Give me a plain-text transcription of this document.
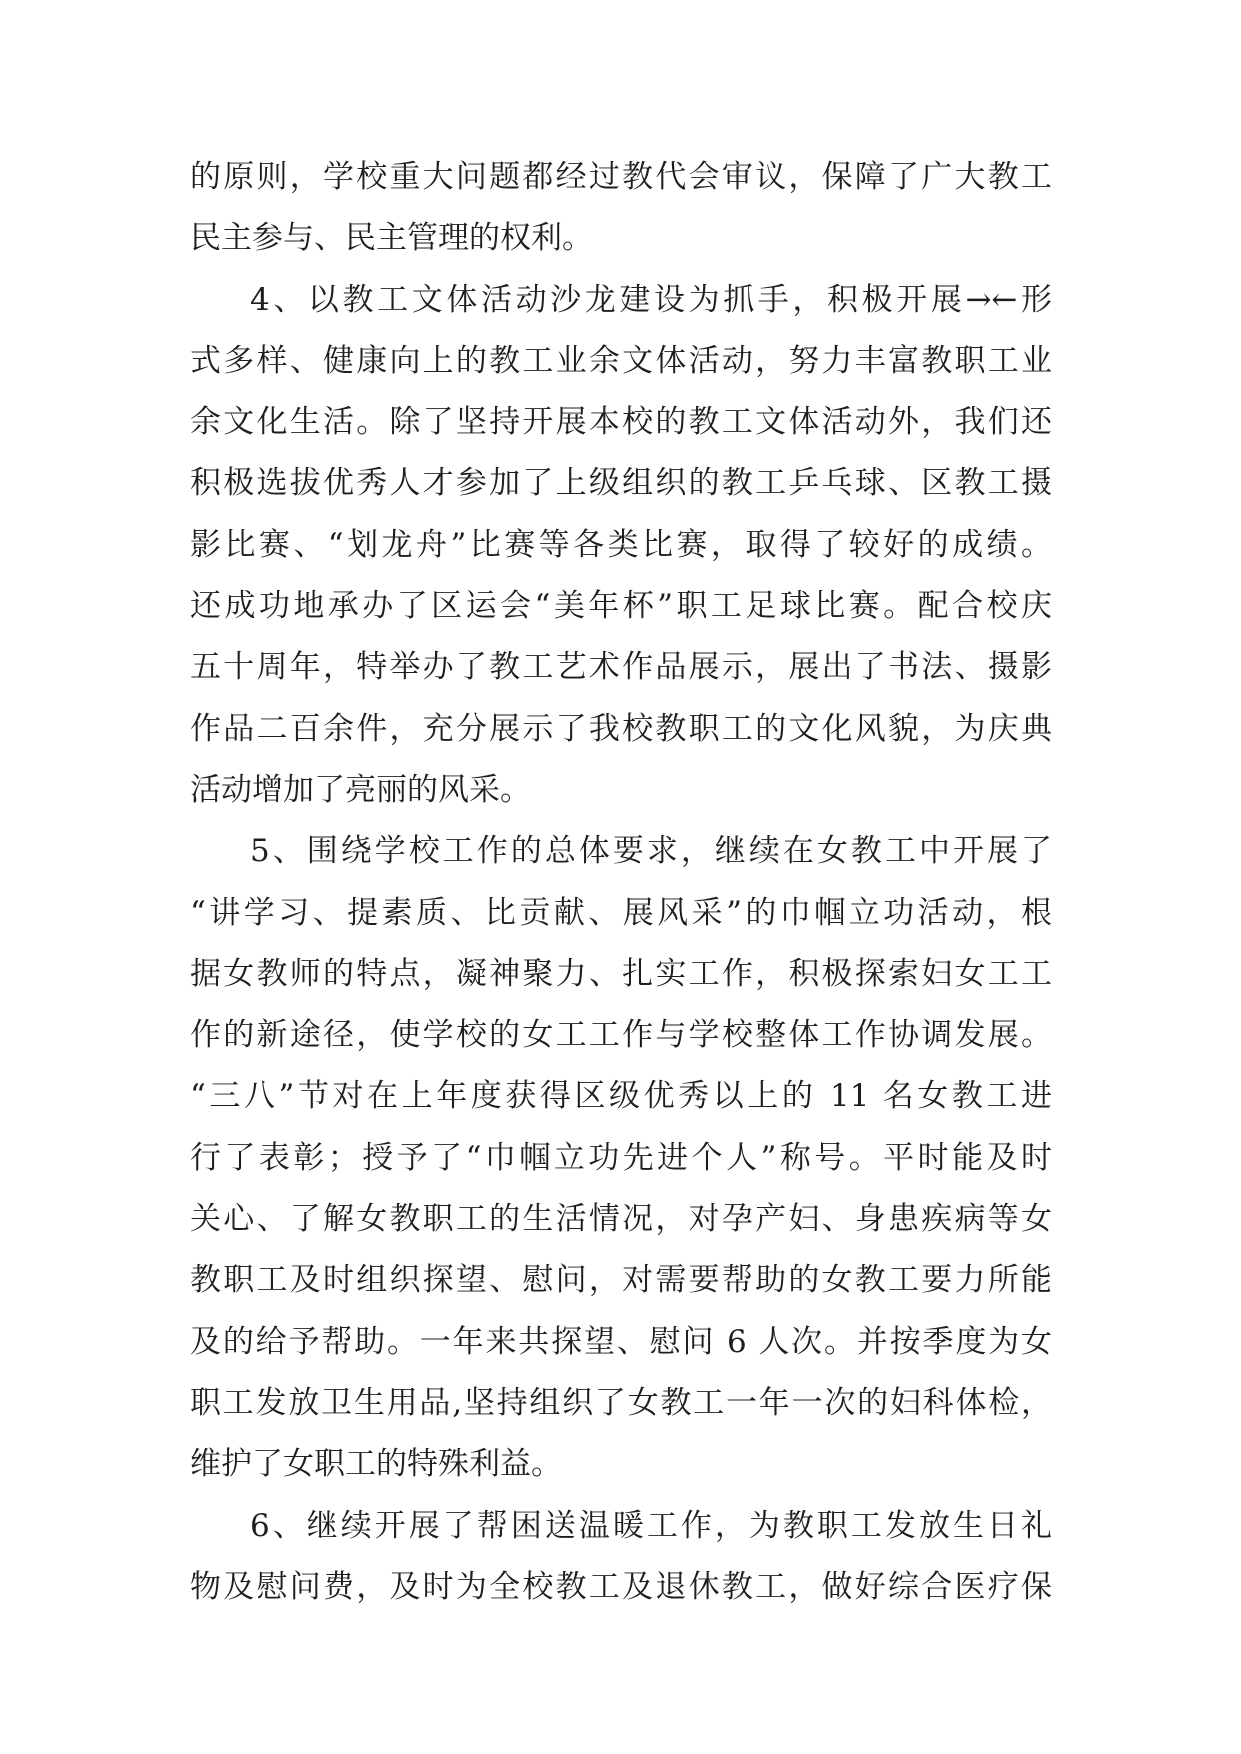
的原则，学校重大问题都经过教代会审议，保障了广大教工
民主参与、民主管理的权利。
4、以教工文体活动沙龙建设为抓手，积极开展→←形
式多样、健康向上的教工业余文体活动，努力丰富教职工业
余文化生活。除了坚持开展本校的教工文体活动外，我们还
积极选拔优秀人才参加了上级组织的教工乒乓球、区教工摄
影比赛、“划龙舟”比赛等各类比赛，取得了较好的成绩。
还成功地承办了区运会“美年杯”职工足球比赛。配合校庆
五十周年，特举办了教工艺术作品展示，展出了书法、摄影
作品二百余件，充分展示了我校教职工的文化风貌，为庆典
活动增加了亮丽的风采。
5、围绕学校工作的总体要求，继续在女教工中开展了
“讲学习、提素质、比贡献、展风采”的巾帼立功活动，根
据女教师的特点，凝神聚力、扎实工作，积极探索妇女工工
作的新途径，使学校的女工工作与学校整体工作协调发展。
“三八”节对在上年度获得区级优秀以上的 11 名女教工进
行了表彰；授予了“巾帼立功先进个人”称号。平时能及时
关心、了解女教职工的生活情况，对孕产妇、身患疾病等女
教职工及时组织探望、慰问，对需要帮助的女教工要力所能
及的给予帮助。一年来共探望、慰问 6 人次。并按季度为女
职工发放卫生用品,坚持组织了女教工一年一次的妇科体检，
维护了女职工的特殊利益。
6、继续开展了帮困送温暖工作，为教职工发放生日礼
物及慰问费，及时为全校教工及退休教工，做好综合医疗保
